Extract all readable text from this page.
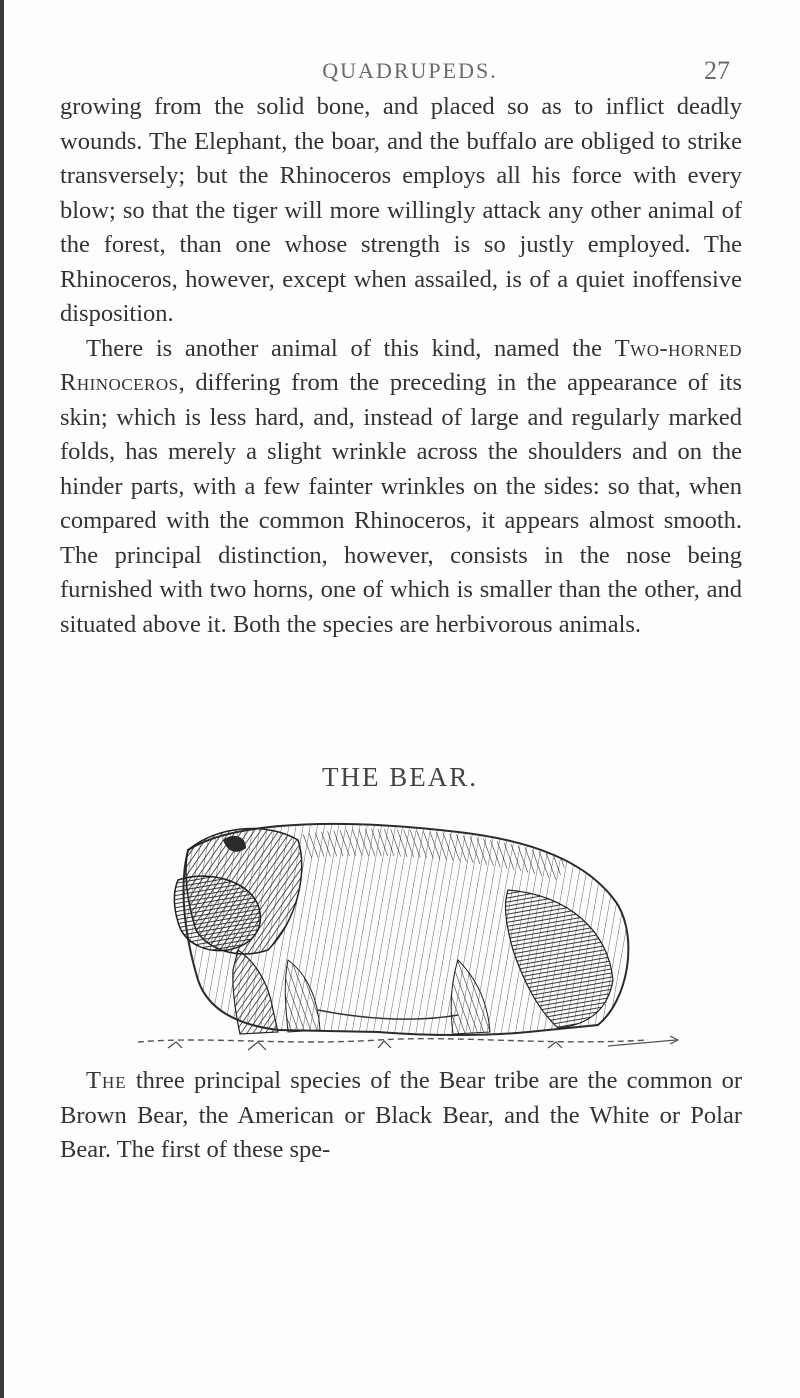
QUADRUPEDS.	27

growing from the solid bone, and placed so as to inflict deadly wounds. The Elephant, the boar, and the buffalo are obliged to strike transversely; but the Rhinoceros employs all his force with every blow; so that the tiger will more willingly attack any other animal of the forest, than one whose strength is so justly employed. The Rhinoceros, however, except when assailed, is of a quiet inoffensive disposition.

There is another animal of this kind, named the Two-horned Rhinoceros, differing from the preceding in the appearance of its skin; which is less hard, and, instead of large and regularly marked folds, has merely a slight wrinkle across the shoulders and on the hinder parts, with a few fainter wrinkles on the sides: so that, when compared with the common Rhinoceros, it appears almost smooth. The principal distinction, however, consists in the nose being furnished with two horns, one of which is smaller than the other, and situated above it. Both the species are herbivorous animals.

THE BEAR.

The three principal species of the Bear tribe are the common or Brown Bear, the American or Black Bear, and the White or Polar Bear. The first of these spe-
